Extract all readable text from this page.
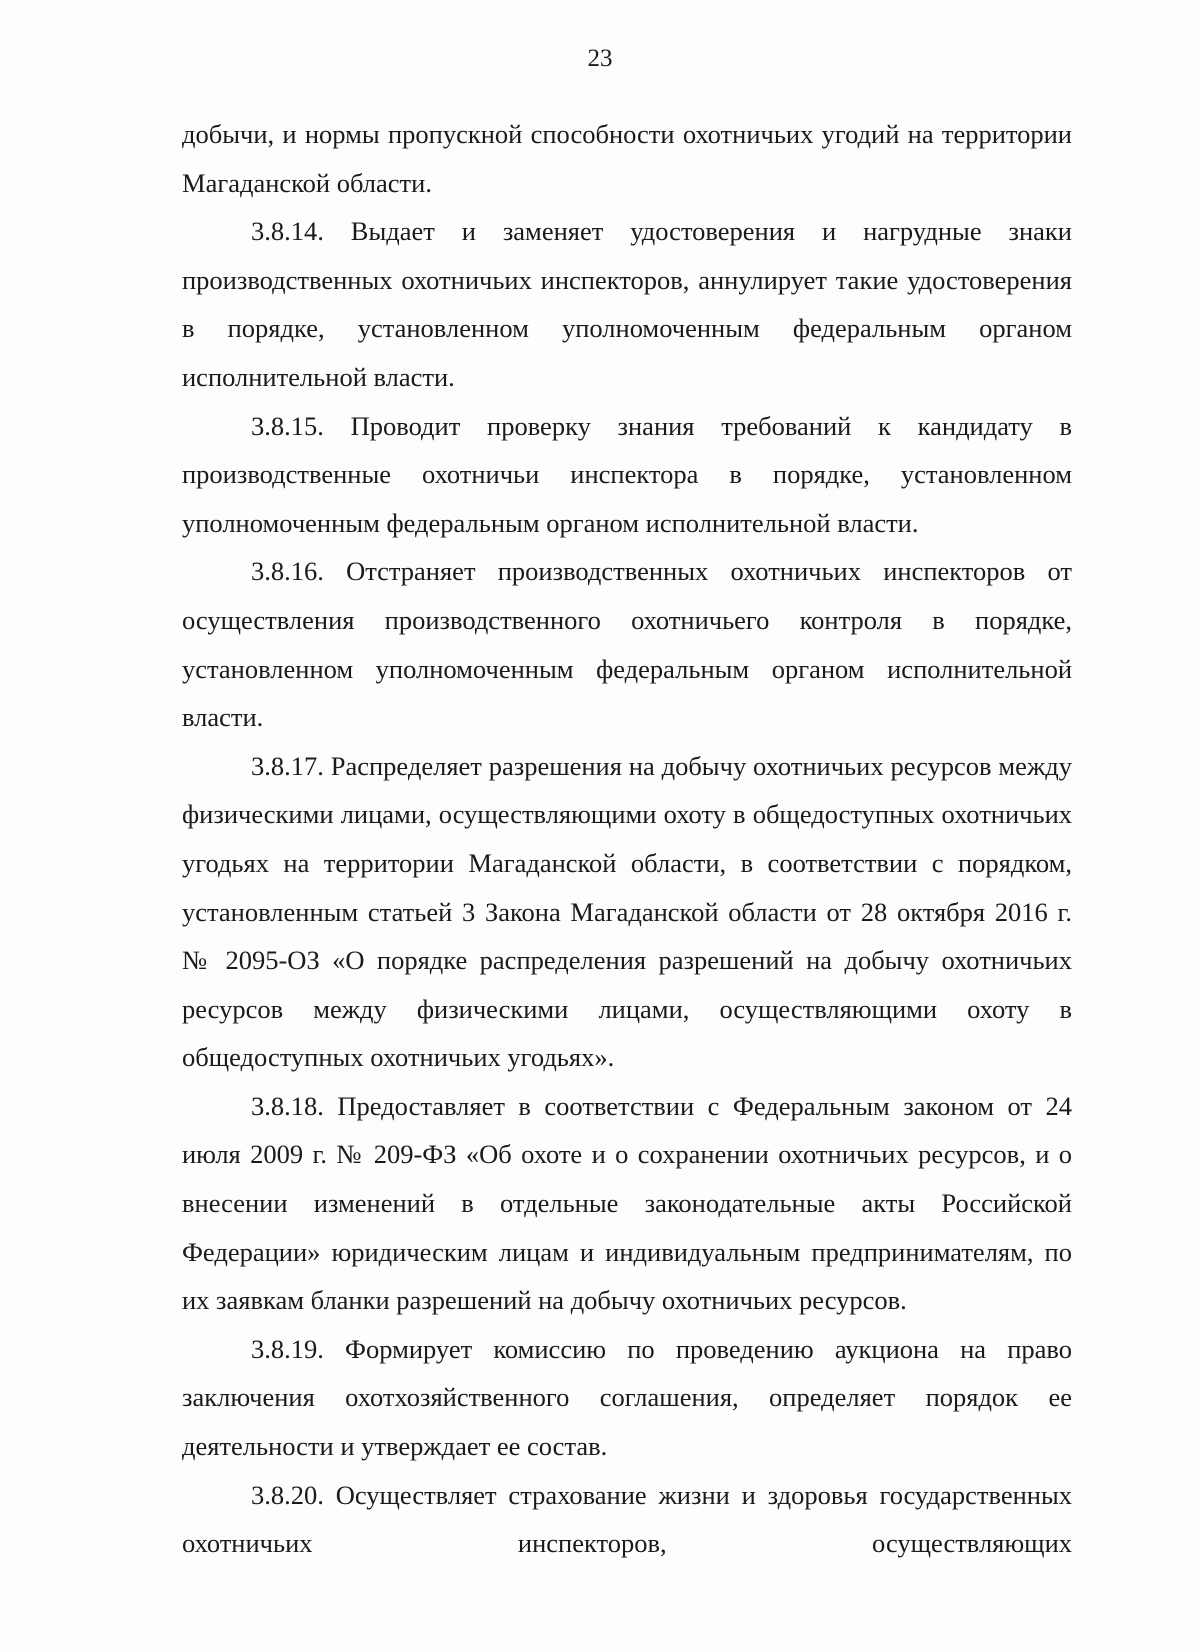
23

добычи, и нормы пропускной способности охотничьих угодий на территории Магаданской области.

3.8.14. Выдает и заменяет удостоверения и нагрудные знаки производственных охотничьих инспекторов, аннулирует такие удостоверения в порядке, установленном уполномоченным федеральным органом исполнительной власти.

3.8.15. Проводит проверку знания требований к кандидату в производственные охотничьи инспектора в порядке, установленном уполномоченным федеральным органом исполнительной власти.

3.8.16. Отстраняет производственных охотничьих инспекторов от осуществления производственного охотничьего контроля в порядке, установленном уполномоченным федеральным органом исполнительной власти.

3.8.17. Распределяет разрешения на добычу охотничьих ресурсов между физическими лицами, осуществляющими охоту в общедоступных охотничьих угодьях на территории Магаданской области, в соответствии с порядком, установленным статьей 3 Закона Магаданской области от 28 октября 2016 г. № 2095-ОЗ «О порядке распределения разрешений на добычу охотничьих ресурсов между физическими лицами, осуществляющими охоту в общедоступных охотничьих угодьях».

3.8.18. Предоставляет в соответствии с Федеральным законом от 24 июля 2009 г. № 209-ФЗ «Об охоте и о сохранении охотничьих ресурсов, и о внесении изменений в отдельные законодательные акты Российской Федерации» юридическим лицам и индивидуальным предпринимателям, по их заявкам бланки разрешений на добычу охотничьих ресурсов.

3.8.19. Формирует комиссию по проведению аукциона на право заключения охотхозяйственного соглашения, определяет порядок ее деятельности и утверждает ее состав.

3.8.20. Осуществляет страхование жизни и здоровья государственных охотничьих инспекторов, осуществляющих
